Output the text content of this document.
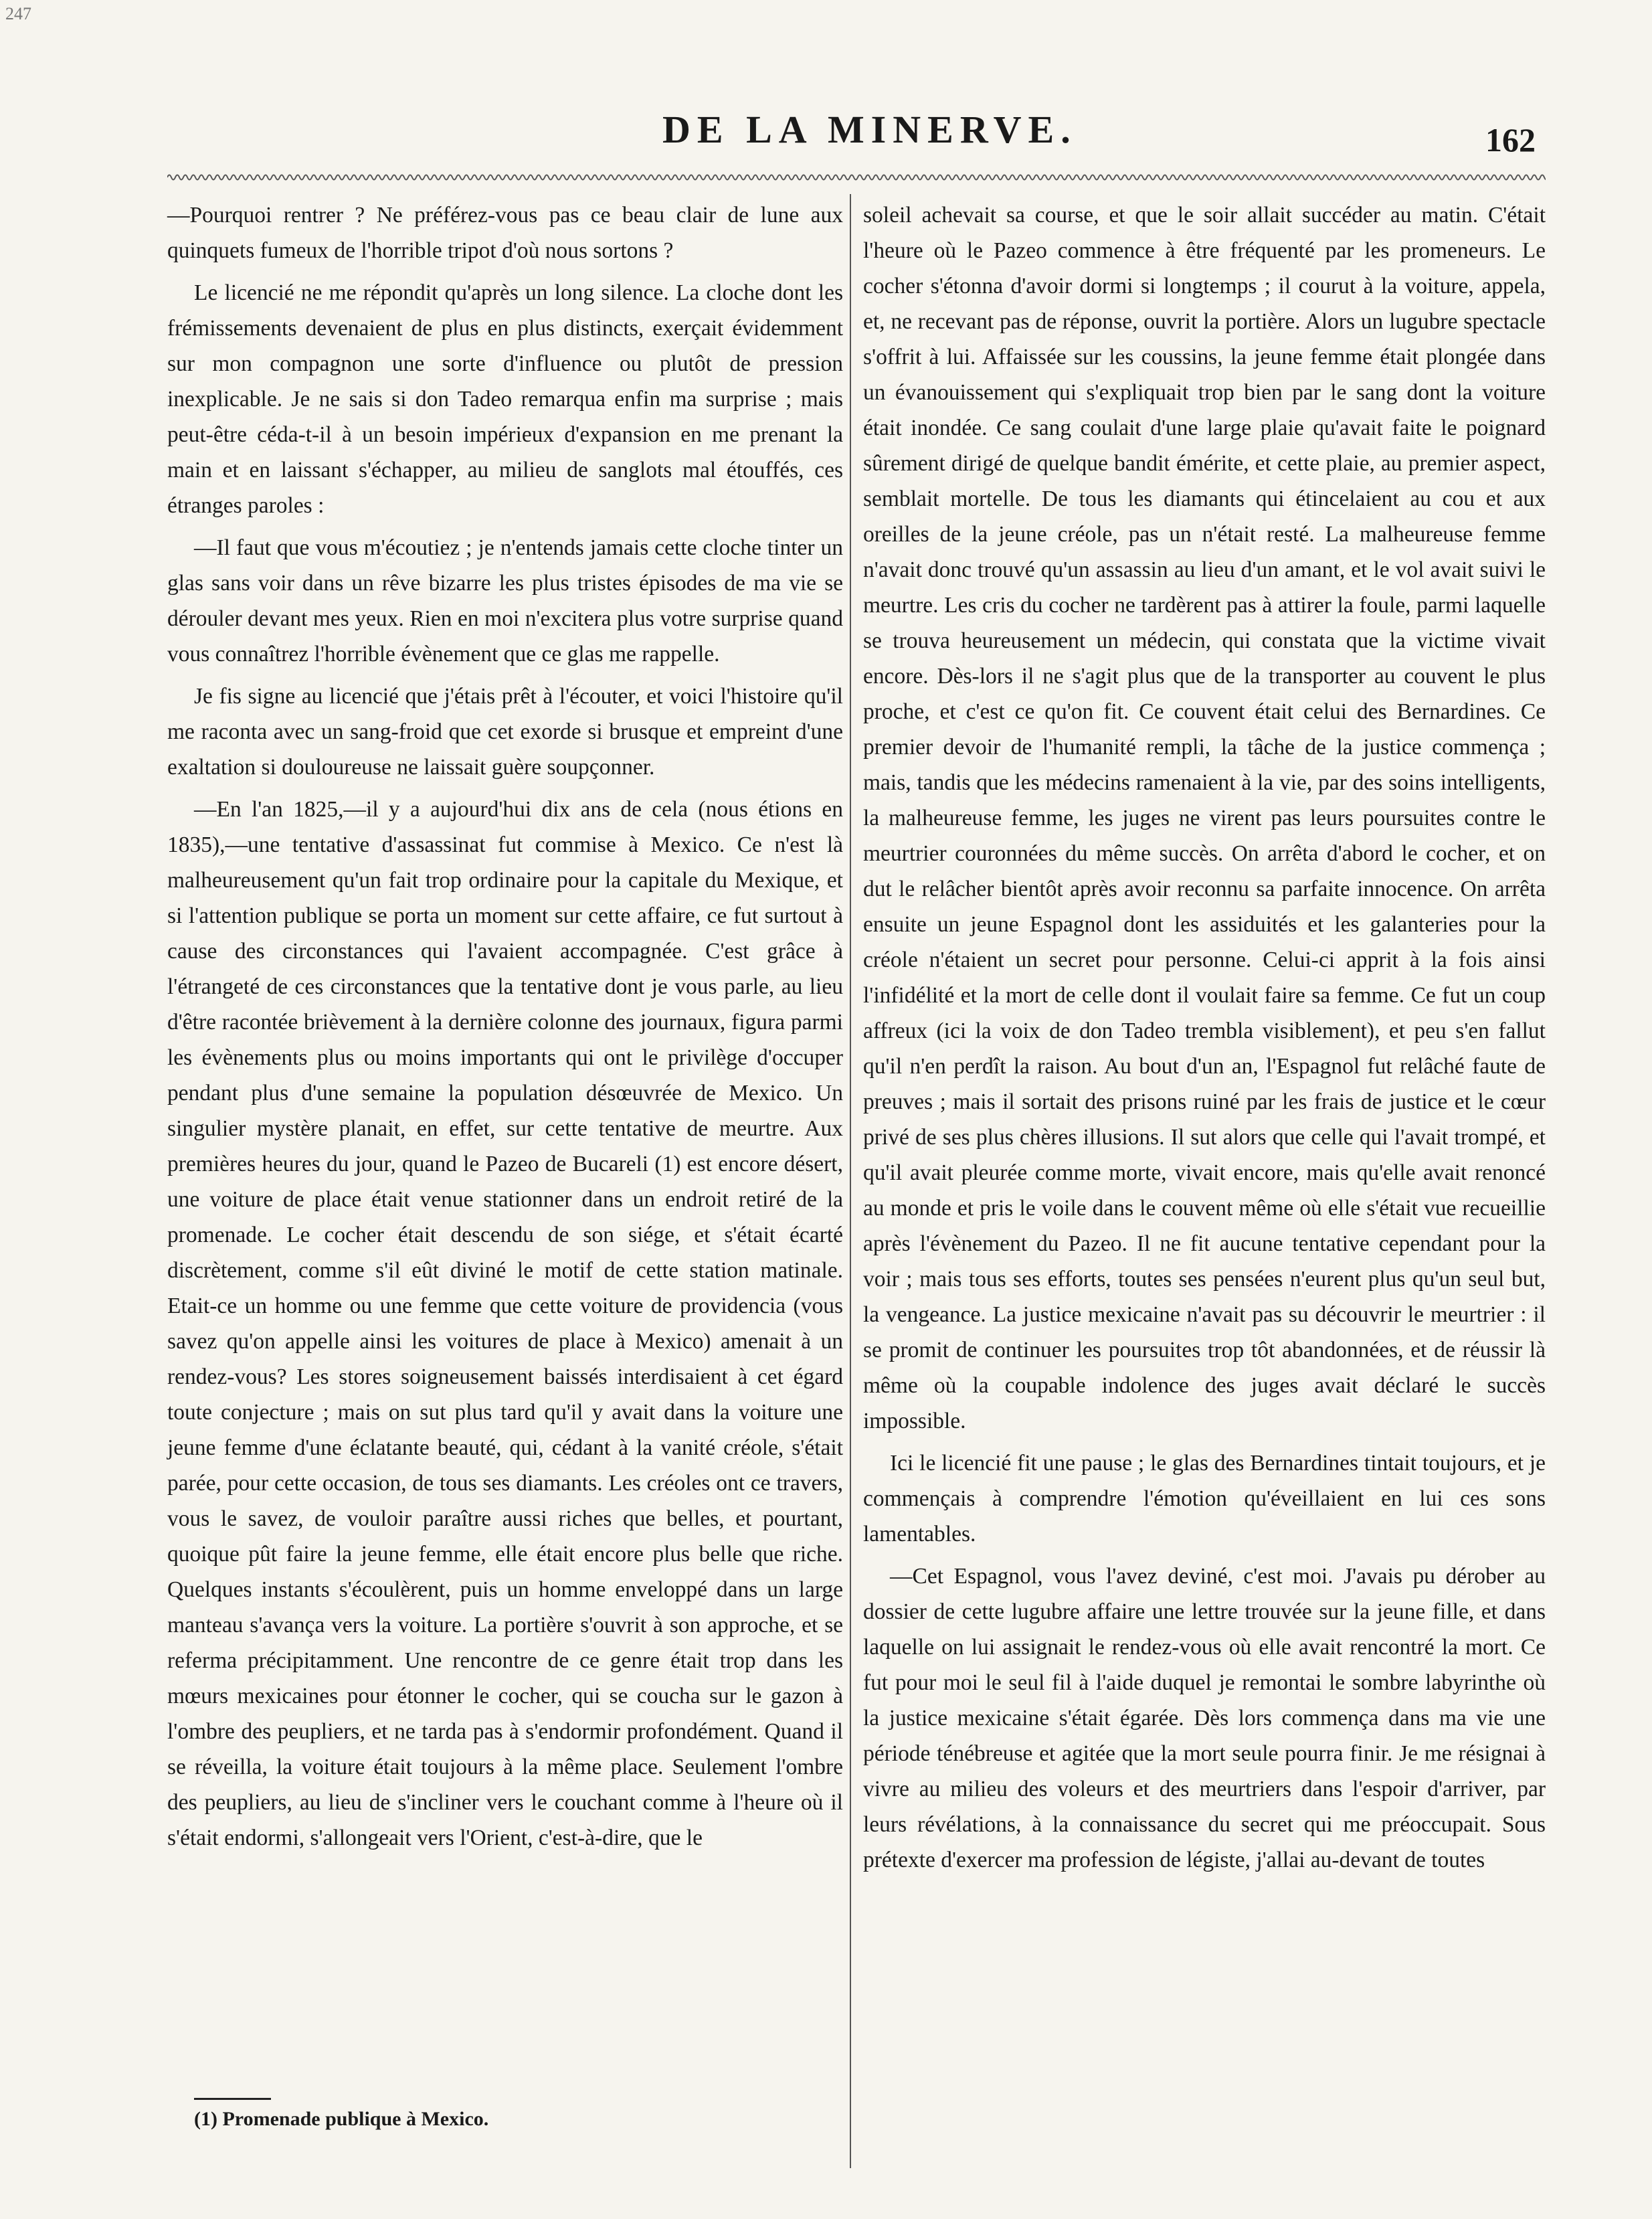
247
DE LA MINERVE.	162

—Pourquoi rentrer ? Ne préférez-vous pas ce beau clair de lune aux quinquets fumeux de l'horrible tripot d'où nous sortons ?

Le licencié ne me répondit qu'après un long silence. La cloche dont les frémissements devenaient de plus en plus distincts, exerçait évidemment sur mon compagnon une sorte d'influence ou plutôt de pression inexplicable. Je ne sais si don Tadeo remarqua enfin ma surprise ; mais peut-être céda-t-il à un besoin impérieux d'expansion en me prenant la main et en laissant s'échapper, au milieu de sanglots mal étouffés, ces étranges paroles :

—Il faut que vous m'écoutiez ; je n'entends jamais cette cloche tinter un glas sans voir dans un rêve bizarre les plus tristes épisodes de ma vie se dérouler devant mes yeux. Rien en moi n'excitera plus votre surprise quand vous connaîtrez l'horrible évènement que ce glas me rappelle.

Je fis signe au licencié que j'étais prêt à l'écouter, et voici l'histoire qu'il me raconta avec un sang-froid que cet exorde si brusque et empreint d'une exaltation si douloureuse ne laissait guère soupçonner.

—En l'an 1825,—il y a aujourd'hui dix ans de cela (nous étions en 1835),—une tentative d'assassinat fut commise à Mexico. Ce n'est là malheureusement qu'un fait trop ordinaire pour la capitale du Mexique, et si l'attention publique se porta un moment sur cette affaire, ce fut surtout à cause des circonstances qui l'avaient accompagnée. C'est grâce à l'étrangeté de ces circonstances que la tentative dont je vous parle, au lieu d'être racontée brièvement à la dernière colonne des journaux, figura parmi les évènements plus ou moins importants qui ont le privilège d'occuper pendant plus d'une semaine la population désœuvrée de Mexico. Un singulier mystère planait, en effet, sur cette tentative de meurtre. Aux premières heures du jour, quand le Pazeo de Bucareli (1) est encore désert, une voiture de place était venue stationner dans un endroit retiré de la promenade. Le cocher était descendu de son siége, et s'était écarté discrètement, comme s'il eût diviné le motif de cette station matinale. Etait-ce un homme ou une femme que cette voiture de providencia (vous savez qu'on appelle ainsi les voitures de place à Mexico) amenait à un rendez-vous? Les stores soigneusement baissés interdisaient à cet égard toute conjecture ; mais on sut plus tard qu'il y avait dans la voiture une jeune femme d'une éclatante beauté, qui, cédant à la vanité créole, s'était parée, pour cette occasion, de tous ses diamants. Les créoles ont ce travers, vous le savez, de vouloir paraître aussi riches que belles, et pourtant, quoique pût faire la jeune femme, elle était encore plus belle que riche. Quelques instants s'écoulèrent, puis un homme enveloppé dans un large manteau s'avança vers la voiture. La portière s'ouvrit à son approche, et se referma précipitamment. Une rencontre de ce genre était trop dans les mœurs mexicaines pour étonner le cocher, qui se coucha sur le gazon à l'ombre des peupliers, et ne tarda pas à s'endormir profondément. Quand il se réveilla, la voiture était toujours à la même place. Seulement l'ombre des peupliers, au lieu de s'incliner vers le couchant comme à l'heure où il s'était endormi, s'allongeait vers l'Orient, c'est-à-dire, que le

soleil achevait sa course, et que le soir allait succéder au matin. C'était l'heure où le Pazeo commence à être fréquenté par les promeneurs. Le cocher s'étonna d'avoir dormi si longtemps ; il courut à la voiture, appela, et, ne recevant pas de réponse, ouvrit la portière. Alors un lugubre spectacle s'offrit à lui. Affaissée sur les coussins, la jeune femme était plongée dans un évanouissement qui s'expliquait trop bien par le sang dont la voiture était inondée. Ce sang coulait d'une large plaie qu'avait faite le poignard sûrement dirigé de quelque bandit émérite, et cette plaie, au premier aspect, semblait mortelle. De tous les diamants qui étincelaient au cou et aux oreilles de la jeune créole, pas un n'était resté. La malheureuse femme n'avait donc trouvé qu'un assassin au lieu d'un amant, et le vol avait suivi le meurtre. Les cris du cocher ne tardèrent pas à attirer la foule, parmi laquelle se trouva heureusement un médecin, qui constata que la victime vivait encore. Dès-lors il ne s'agit plus que de la transporter au couvent le plus proche, et c'est ce qu'on fit. Ce couvent était celui des Bernardines. Ce premier devoir de l'humanité rempli, la tâche de la justice commença ; mais, tandis que les médecins ramenaient à la vie, par des soins intelligents, la malheureuse femme, les juges ne virent pas leurs poursuites contre le meurtrier couronnées du même succès. On arrêta d'abord le cocher, et on dut le relâcher bientôt après avoir reconnu sa parfaite innocence. On arrêta ensuite un jeune Espagnol dont les assiduités et les galanteries pour la créole n'étaient un secret pour personne. Celui-ci apprit à la fois ainsi l'infidélité et la mort de celle dont il voulait faire sa femme. Ce fut un coup affreux (ici la voix de don Tadeo trembla visiblement), et peu s'en fallut qu'il n'en perdît la raison. Au bout d'un an, l'Espagnol fut relâché faute de preuves ; mais il sortait des prisons ruiné par les frais de justice et le cœur privé de ses plus chères illusions. Il sut alors que celle qui l'avait trompé, et qu'il avait pleurée comme morte, vivait encore, mais qu'elle avait renoncé au monde et pris le voile dans le couvent même où elle s'était vue recueillie après l'évènement du Pazeo. Il ne fit aucune tentative cependant pour la voir ; mais tous ses efforts, toutes ses pensées n'eurent plus qu'un seul but, la vengeance. La justice mexicaine n'avait pas su découvrir le meurtrier : il se promit de continuer les poursuites trop tôt abandonnées, et de réussir là même où la coupable indolence des juges avait déclaré le succès impossible.

Ici le licencié fit une pause ; le glas des Bernardines tintait toujours, et je commençais à comprendre l'émotion qu'éveillaient en lui ces sons lamentables.

—Cet Espagnol, vous l'avez deviné, c'est moi. J'avais pu dérober au dossier de cette lugubre affaire une lettre trouvée sur la jeune fille, et dans laquelle on lui assignait le rendez-vous où elle avait rencontré la mort. Ce fut pour moi le seul fil à l'aide duquel je remontai le sombre labyrinthe où la justice mexicaine s'était égarée. Dès lors commença dans ma vie une période ténébreuse et agitée que la mort seule pourra finir. Je me résignai à vivre au milieu des voleurs et des meurtriers dans l'espoir d'arriver, par leurs révélations, à la connaissance du secret qui me préoccupait. Sous prétexte d'exercer ma profession de légiste, j'allai au-devant de toutes

(1) Promenade publique à Mexico.
